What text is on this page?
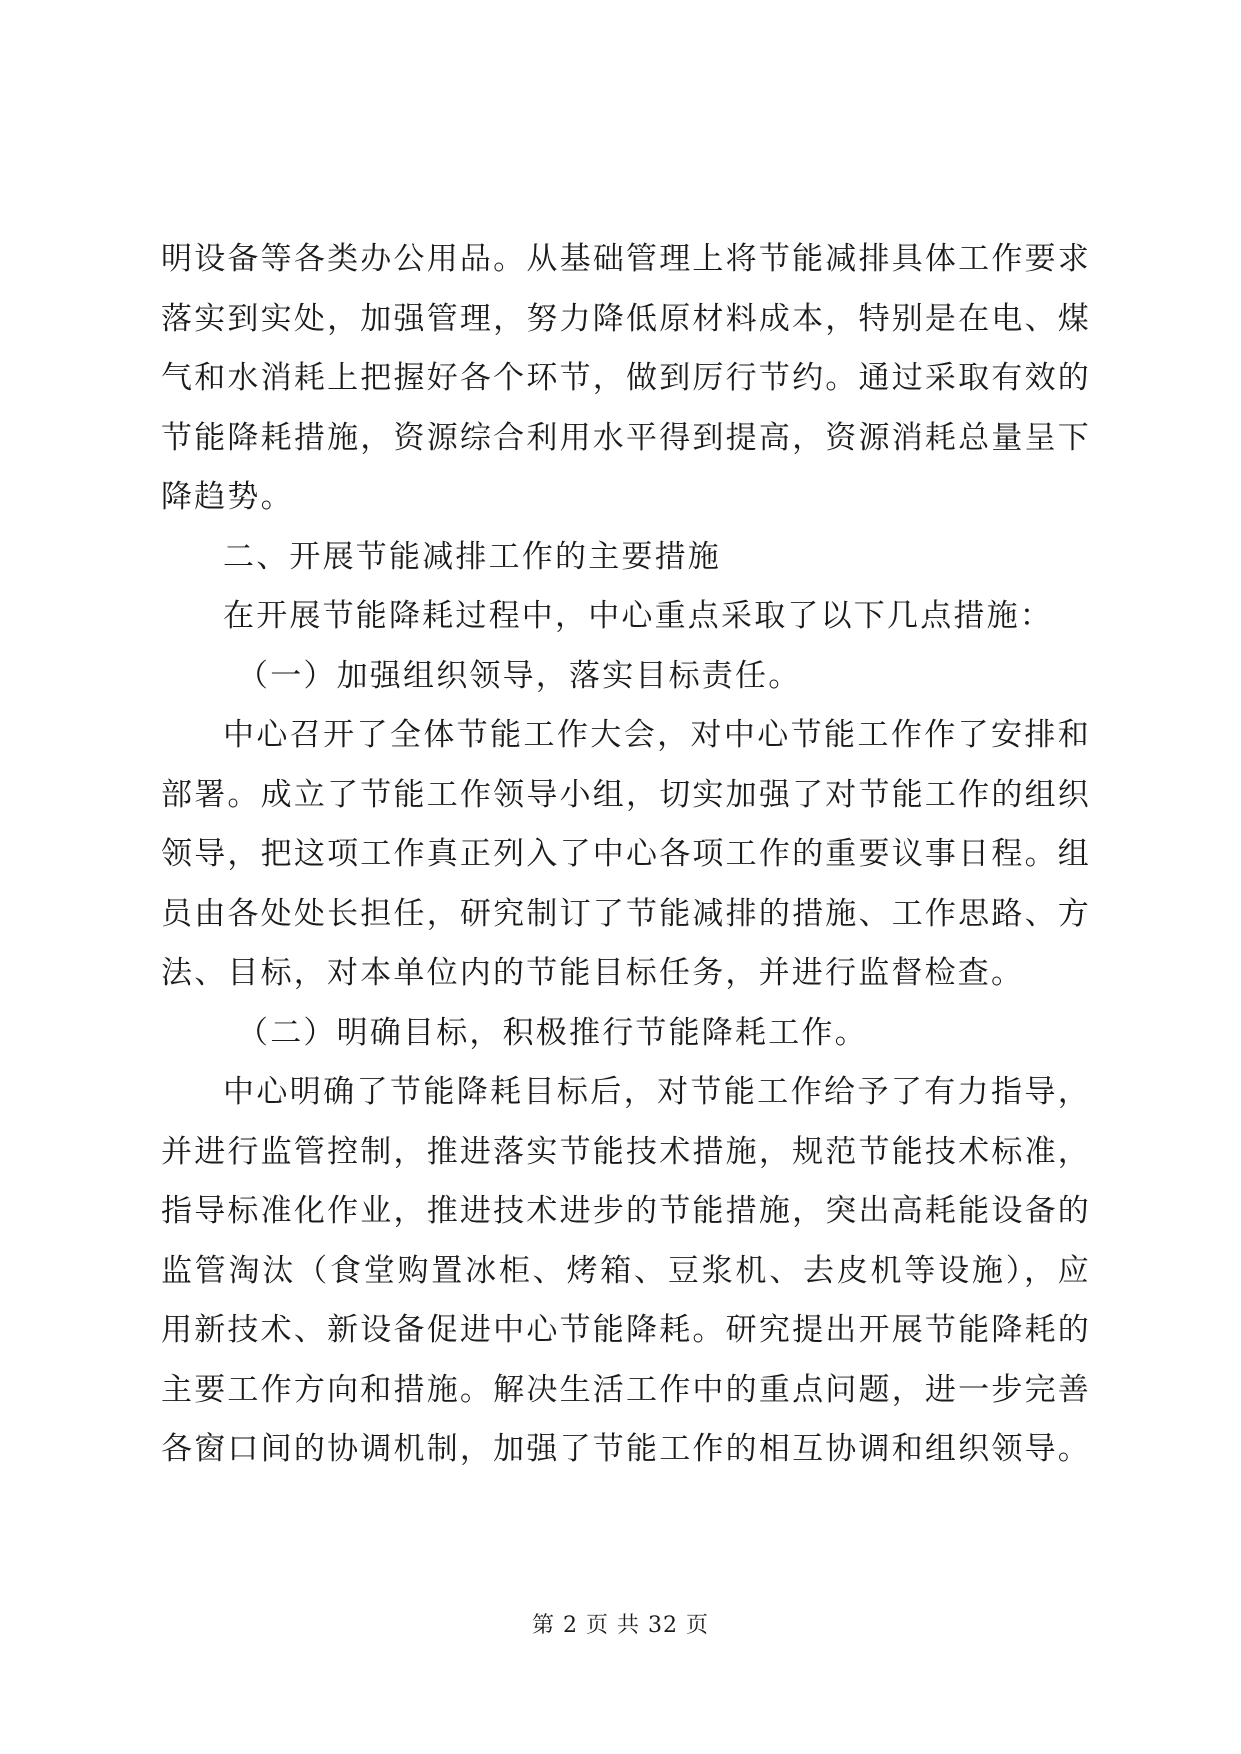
明设备等各类办公用品。从基础管理上将节能减排具体工作要求
落实到实处，加强管理，努力降低原材料成本，特别是在电、煤
气和水消耗上把握好各个环节，做到厉行节约。通过采取有效的
节能降耗措施，资源综合利用水平得到提高，资源消耗总量呈下
降趋势。
二、开展节能减排工作的主要措施
在开展节能降耗过程中，中心重点采取了以下几点措施：
（一）加强组织领导，落实目标责任。
中心召开了全体节能工作大会，对中心节能工作作了安排和
部署。成立了节能工作领导小组，切实加强了对节能工作的组织
领导，把这项工作真正列入了中心各项工作的重要议事日程。组
员由各处处长担任，研究制订了节能减排的措施、工作思路、方
法、目标，对本单位内的节能目标任务，并进行监督检查。
（二）明确目标，积极推行节能降耗工作。
中心明确了节能降耗目标后，对节能工作给予了有力指导，
并进行监管控制，推进落实节能技术措施，规范节能技术标准，
指导标准化作业，推进技术进步的节能措施，突出高耗能设备的
监管淘汰（食堂购置冰柜、烤箱、豆浆机、去皮机等设施），应
用新技术、新设备促进中心节能降耗。研究提出开展节能降耗的
主要工作方向和措施。解决生活工作中的重点问题，进一步完善
各窗口间的协调机制，加强了节能工作的相互协调和组织领导。
第 2 页 共 32 页
